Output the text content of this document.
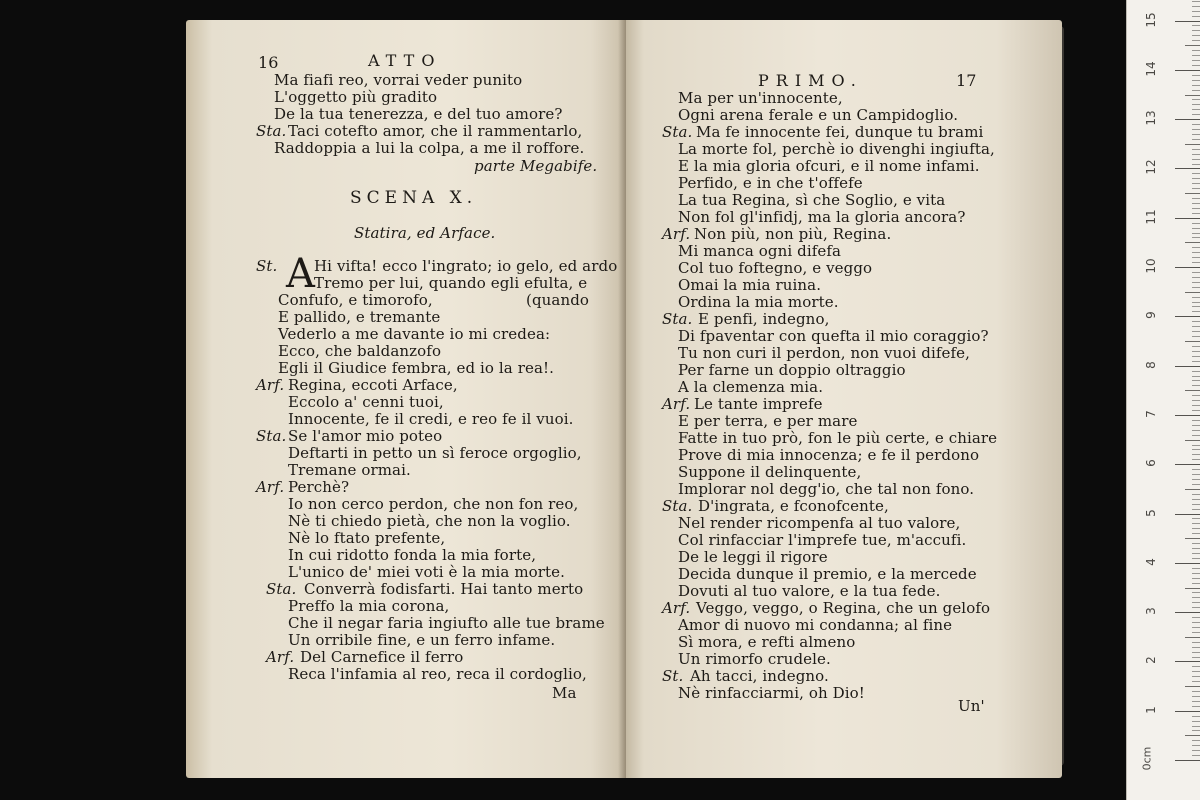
16	ATTO
Ma fiafi reo, vorrai veder punito
L'oggetto più gradito
De la tua tenerezza, e del tuo amore?
Sta. Taci cotefto amor, che il rammentarlo,
Raddoppia a lui la colpa, a me il roffore.
parte Megabife.
SCENA X.
Statira, ed Arface.
St. A Hi vifta! ecco l'ingrato; io gelo, ed ardo
Tremo per lui, quando egli efulta, e
Confufo, e timorofo,	(quando
E pallido, e tremante
Vederlo a me davante io mi credea:
Ecco, che baldanzofo
Egli il Giudice fembra, ed io la rea!.
Arf. Regina, eccoti Arface,
Eccolo a' cenni tuoi,
Innocente, fe il credi, e reo fe il vuoi.
Sta. Se l'amor mio poteo
Deftarti in petto un sì feroce orgoglio,
Tremane ormai.
Arf. Perchè?
Io non cerco perdon, che non fon reo,
Nè ti chiedo pietà, che non la voglio.
Nè lo ftato prefente,
In cui ridotto fonda la mia forte,
L'unico de' miei voti è la mia morte.
Sta. Converrà fodisfarti. Hai tanto merto
Preffo la mia corona,
Che il negar faria ingiufto alle tue brame
Un orribile fine, e un ferro infame.
Arf. Del Carnefice il ferro
Reca l'infamia al reo, reca il cordoglio,
Ma
PRIMO.	17
Ma per un'innocente,
Ogni arena ferale e un Campidoglio.
Sta. Ma fe innocente fei, dunque tu brami
La morte fol, perchè io divenghi ingiufta,
E la mia gloria ofcuri, e il nome infami.
Perfido, e in che t'offefe
La tua Regina, sì che Soglio, e vita
Non fol gl'infidj, ma la gloria ancora?
Arf. Non più, non più, Regina.
Mi manca ogni difefa
Col tuo foftegno, e veggo
Omai la mia ruina.
Ordina la mia morte.
Sta. E penfi, indegno,
Di fpaventar con quefta il mio coraggio?
Tu non curi il perdon, non vuoi difefe,
Per farne un doppio oltraggio
A la clemenza mia.
Arf. Le tante imprefe
E per terra, e per mare
Fatte in tuo prò, fon le più certe, e chiare
Prove di mia innocenza; e fe il perdono
Suppone il delinquente,
Implorar nol degg'io, che tal non fono.
Sta. D'ingrata, e fconofcente,
Nel render ricompenfa al tuo valore,
Col rinfacciar l'imprefe tue, m'accufi.
De le leggi il rigore
Decida dunque il premio, e la mercede
Dovuti al tuo valore, e la tua fede.
Arf. Veggo, veggo, o Regina, che un gelofo
Amor di nuovo mi condanna; al fine
Sì mora, e refti almeno
Un rimorfo crudele.
St. Ah tacci, indegno.
Nè rinfacciarmi, oh Dio!
Un'
0cm
1
2
3
4
5
6
7
8
9
10
11
12
13
14
15
